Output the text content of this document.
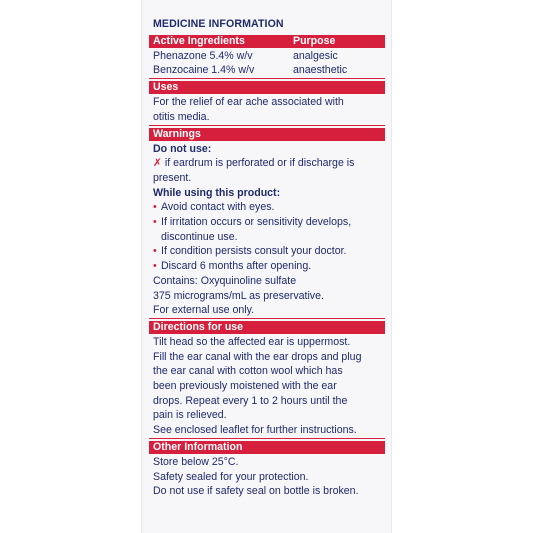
MEDICINE INFORMATION
Active Ingredients	Purpose
Phenazone 5.4% w/v	analgesic
Benzocaine 1.4% w/v	anaesthetic
Uses
For the relief of ear ache associated with
otitis media.
Warnings
Do not use:
✗ if eardrum is perforated or if discharge is
present.
While using this product:
• Avoid contact with eyes.
• If irritation occurs or sensitivity develops,
discontinue use.
• If condition persists consult your doctor.
• Discard 6 months after opening.
Contains: Oxyquinoline sulfate
375 micrograms/mL as preservative.
For external use only.
Directions for use
Tilt head so the affected ear is uppermost.
Fill the ear canal with the ear drops and plug
the ear canal with cotton wool which has
been previously moistened with the ear
drops. Repeat every 1 to 2 hours until the
pain is relieved.
See enclosed leaflet for further instructions.
Other Information
Store below 25°C.
Safety sealed for your protection.
Do not use if safety seal on bottle is broken.
